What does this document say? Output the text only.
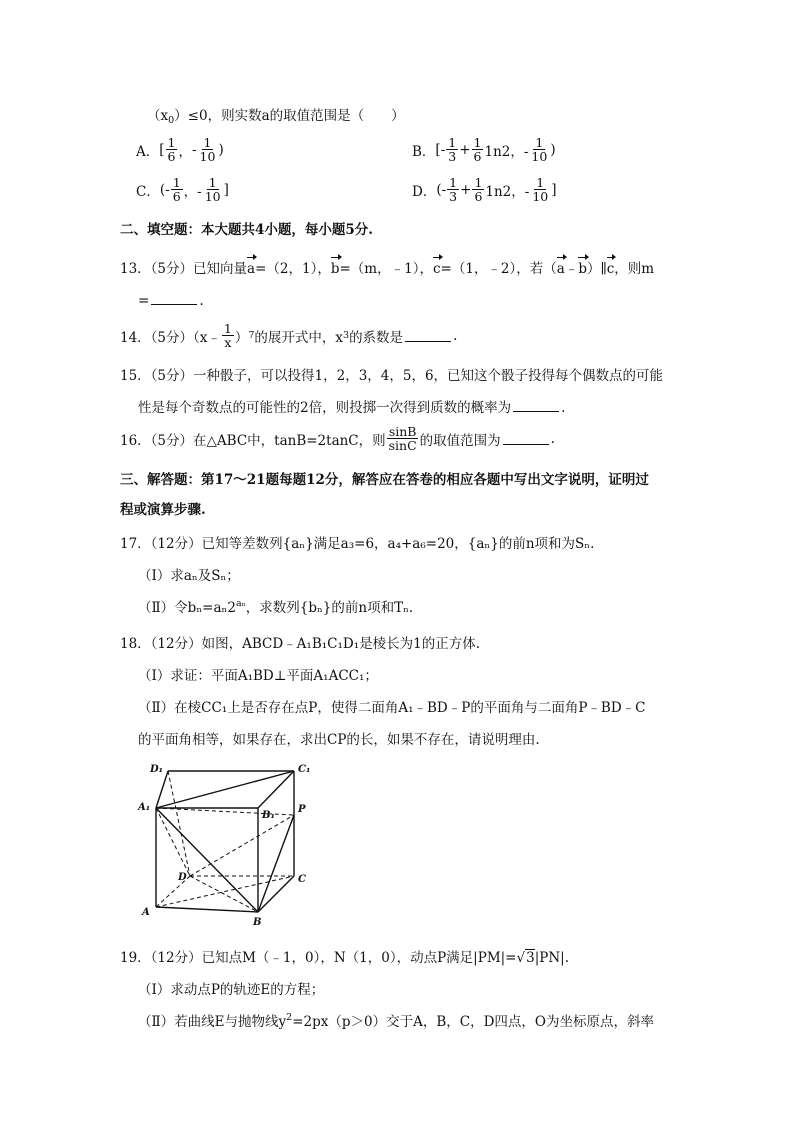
$(x_0)\le 0$，则实数a的取值范围是（　　）
A． [ $\frac{1}{6}$ ， - $\frac{1}{10}$ )	B． [- $\frac{1}{3} + \frac{1}{6} 1n2$，- $\frac{1}{10}$ )
C． (- $\frac{1}{6}$ ，- $\frac{1}{10}$ ]	D． (- $\frac{1}{3} + \frac{1}{6} 1n2$，- $\frac{1}{10}$ ]
二、填空题：本大题共4小题，每小题5分.
13．（5分）已知向量a=（2，1），b=（m，﹣1），c=（1，﹣2），若（a﹣b）∥c，则m
=	.
14．（5分）（x﹣ $\frac{1}{x}$ ） 7 的展开式中，x 3 的系数是	.
15．（5分）一种骰子，可以投得1，2，3，4，5，6，已知这个骰子投得每个偶数点的可能
性是每个奇数点的可能性的2倍，则投掷一次得到质数的概率为	.
16．（5分）在△ABC中，tanB=2tanC，则 $\frac{\sin B}{\sin C}$ 的取值范围为	.
三、解答题：第17～21题每题12分，解答应在答卷的相应各题中写出文字说明，证明过
程或演算步骤.
17．（12分）已知等差数列{aₙ}满足a₃=6，a₄+a₆=20，{aₙ}的前n项和为Sₙ.
（Ⅰ）求aₙ及Sₙ；
（Ⅱ）令$b_n=a_n2^{a_n}$，求数列{bₙ}的前n项和Tₙ.
18．（12分）如图，ABCD﹣A₁B₁C₁D₁是棱长为1的正方体.
（Ⅰ）求证：平面A₁BD⊥平面A₁ACC₁；
（Ⅱ）在棱CC₁上是否存在点P，使得二面角A₁﹣BD﹣P的平面角与二面角P﹣BD﹣C
的平面角相等，如果存在，求出CP的长，如果不存在，请说明理由.
D₁	C₁
A₁
B₁
P
D	C
A
B
19．（12分）已知点M（﹣1，0），N（1，0），动点P满足|PM|=√3|PN|.
（Ⅰ）求动点P的轨迹E的方程；
（Ⅱ）若曲线E与抛物线$y^2=2px(p>0)$交于A，B，C，D四点，O为坐标原点，斜率
